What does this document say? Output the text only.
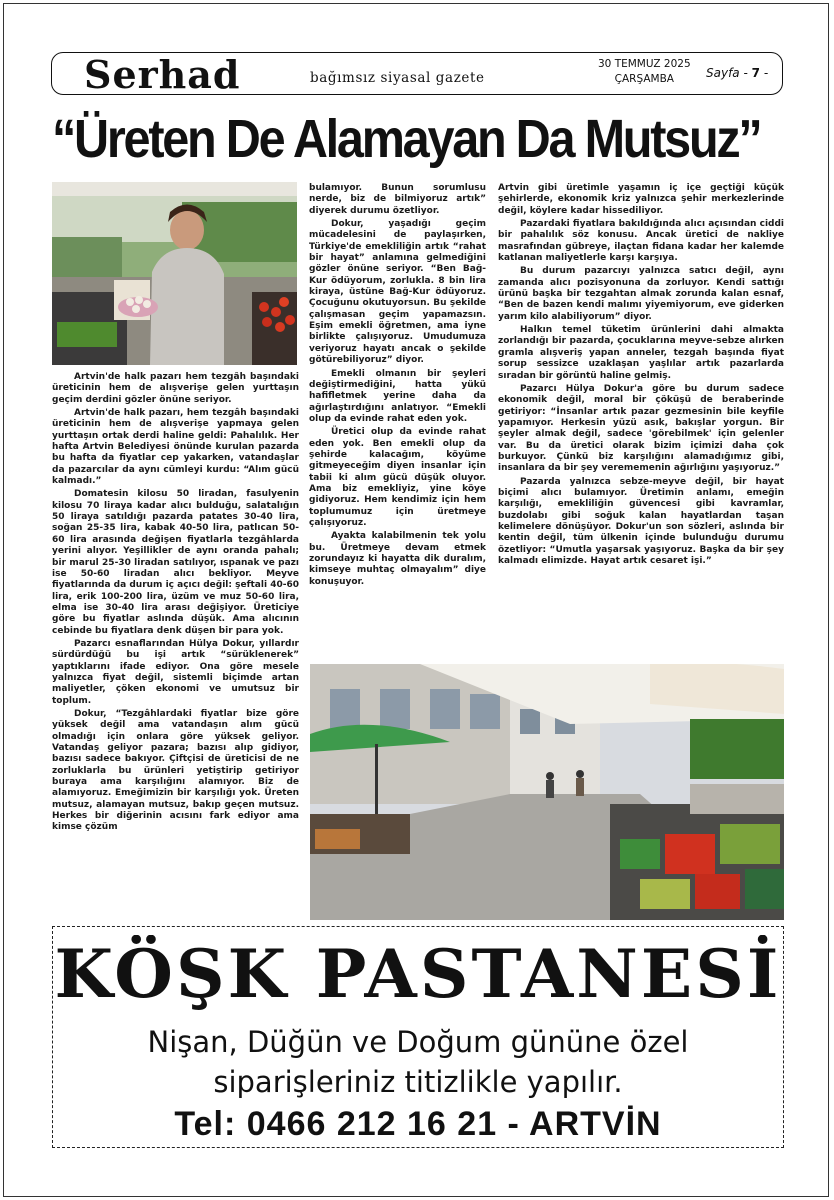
Serhad	bağımsız siyasal gazete
30 TEMMUZ 2025
ÇARŞAMBA	Sayfa - 7 -
“Üreten De Alamayan Da Mutsuz”

Artvin'de halk pazarı hem tezgâh başındaki üreticinin hem de alışverişe gelen yurttaşın geçim derdini gözler önüne seriyor.

Artvin'de halk pazarı, hem tezgâh başındaki üreticinin hem de alışverişe yapmaya gelen yurttaşın ortak derdi haline geldi: Pahalılık. Her hafta Artvin Belediyesi önünde kurulan pazarda bu hafta da fiyatlar cep yakarken, vatandaşlar da pazarcılar da aynı cümleyi kurdu: “Alım gücü kalmadı.”

Domatesin kilosu 50 liradan, fasulyenin kilosu 70 liraya kadar alıcı bulduğu, salatalığın 50 liraya satıldığı pazarda patates 30-40 lira, soğan 25-35 lira, kabak 40-50 lira, patlıcan 50-60 lira arasında değişen fiyatlarla tezgâhlarda yerini alıyor. Yeşillikler de aynı oranda pahalı; bir marul 25-30 liradan satılıyor, ıspanak ve pazı ise 50-60 liradan alıcı bekliyor. Meyve fiyatlarında da durum iç açıcı değil: şeftali 40-60 lira, erik 100-200 lira, üzüm ve muz 50-60 lira, elma ise 30-40 lira arası değişiyor. Üreticiye göre bu fiyatlar aslında düşük. Ama alıcının cebinde bu fiyatlara denk düşen bir para yok.

Pazarcı esnaflarından Hülya Dokur, yıllardır sürdürdüğü bu işi artık “sürüklenerek” yaptıklarını ifade ediyor. Ona göre mesele yalnızca fiyat değil, sistemli biçimde artan maliyetler, çöken ekonomi ve umutsuz bir toplum.

Dokur, “Tezgâhlardaki fiyatlar bize göre yüksek değil ama vatandaşın alım gücü olmadığı için onlara göre yüksek geliyor. Vatandaş geliyor pazara; bazısı alıp gidiyor, bazısı sadece bakıyor. Çiftçisi de üreticisi de ne zorluklarla bu ürünleri yetiştirip getiriyor buraya ama karşılığını alamıyor. Biz de alamıyoruz. Emeğimizin bir karşılığı yok. Üreten mutsuz, alamayan mutsuz, bakıp geçen mutsuz. Herkes bir diğerinin acısını fark ediyor ama kimse çözüm

bulamıyor. Bunun sorumlusu nerde, biz de bilmiyoruz artık” diyerek durumu özetliyor.

Dokur, yaşadığı geçim mücadelesini de paylaşırken, Türkiye'de emekliliğin artık “rahat bir hayat” anlamına gelmediğini gözler önüne seriyor. “Ben Bağ-Kur ödüyorum, zorlukla. 8 bin lira kiraya, üstüne Bağ-Kur ödüyoruz. Çocuğunu okutuyorsun. Bu şekilde çalışmasan geçim yapamazsın. Eşim emekli öğretmen, ama iyne birlikte çalışıyoruz. Umudumuza veriyoruz hayatı ancak o şekilde götürebiliyoruz” diyor.

Emekli olmanın bir şeyleri değiştirmediğini, hatta yükü hafifletmek yerine daha da ağırlaştırdığını anlatıyor. “Emekli olup da evinde rahat eden yok.

Üretici olup da evinde rahat eden yok. Ben emekli olup da şehirde kalacağım, köyüme gitmeyeceğim diyen insanlar için tabii ki alım gücü düşük oluyor. Ama biz emekliyiz, yine köye gidiyoruz. Hem kendimiz için hem toplumumuz için üretmeye çalışıyoruz.

Ayakta kalabilmenin tek yolu bu. Üretmeye devam etmek zorundayız ki hayatta dik duralım, kimseye muhtaç olmayalım” diye konuşuyor.

Artvin gibi üretimle yaşamın iç içe geçtiği küçük şehirlerde, ekonomik kriz yalnızca şehir merkezlerinde değil, köylere kadar hissediliyor.

Pazardaki fiyatlara bakıldığında alıcı açısından ciddi bir pahalılık söz konusu. Ancak üretici de nakliye masrafından gübreye, ilaçtan fidana kadar her kalemde katlanan maliyetlerle karşı karşıya.

Bu durum pazarcıyı yalnızca satıcı değil, aynı zamanda alıcı pozisyonuna da zorluyor. Kendi sattığı ürünü başka bir tezgahtan almak zorunda kalan esnaf, “Ben de bazen kendi malımı yiyemiyorum, eve giderken yarım kilo alabiliyorum” diyor.

Halkın temel tüketim ürünlerini dahi almakta zorlandığı bir pazarda, çocuklarına meyve-sebze alırken gramla alışveriş yapan anneler, tezgah başında fiyat sorup sessizce uzaklaşan yaşlılar artık pazarlarda sıradan bir görüntü haline gelmiş.

Pazarcı Hülya Dokur'a göre bu durum sadece ekonomik değil, moral bir çöküşü de beraberinde getiriyor: “İnsanlar artık pazar gezmesinin bile keyfile yapamıyor. Herkesin yüzü asık, bakışlar yorgun. Bir şeyler almak değil, sadece 'görebilmek' için gelenler var. Bu da üretici olarak bizim içimizi daha çok burkuyor. Çünkü biz karşılığını alamadığımız gibi, insanlara da bir şey verememenin ağırlığını yaşıyoruz.”

Pazarda yalnızca sebze-meyve değil, bir hayat biçimi alıcı bulamıyor. Üretimin anlamı, emeğin karşılığı, emekliliğin güvencesi gibi kavramlar, buzdolabı gibi soğuk kalan hayatlardan taşan kelimelere dönüşüyor. Dokur'un son sözleri, aslında bir kentin değil, tüm ülkenin içinde bulunduğu durumu özetliyor: “Umutla yaşarsak yaşıyoruz. Başka da bir şey kalmadı elimizde. Hayat artık cesaret işi.”

KÖŞK PASTANESİ
Nişan, Düğün ve Doğum gününe özel
siparişleriniz titizlikle yapılır.
Tel: 0466 212 16 21 - ARTVİN
